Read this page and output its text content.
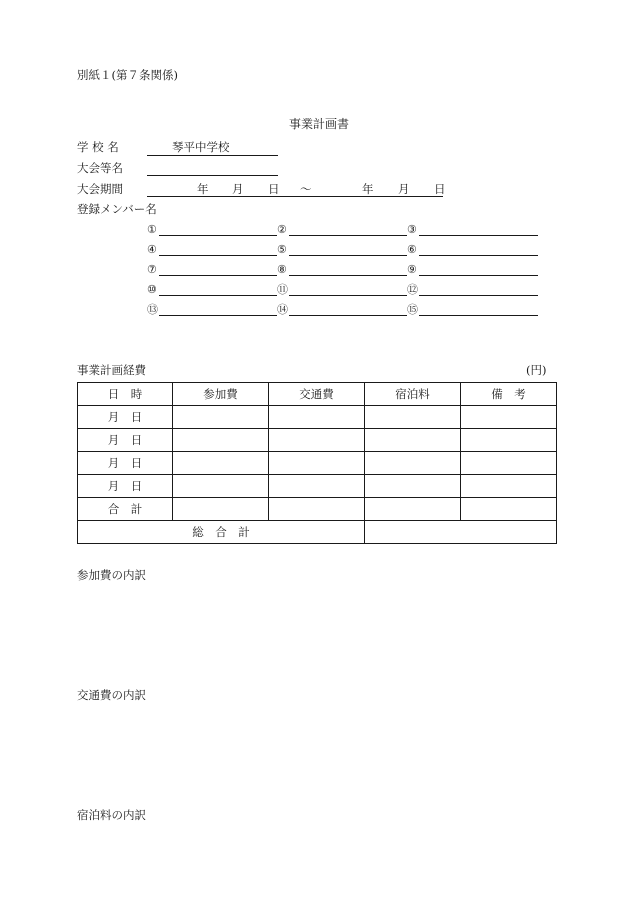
別紙１(第７条関係)
事業計画書
学 校 名	琴平中学校
大会等名
大会期間	年 月 日 ～	年 月 日
登録メンバー名
①	②	③
④	⑤	⑥
⑦	⑧	⑨
⑩	⑪	⑫
⑬	⑭	⑮
事業計画経費	(円)
日　時	参加費	交通費	宿泊料	備　考
月　日				
月　日				
月　日				
月　日				
合　計				
総　合　計				
参加費の内訳
交通費の内訳
宿泊料の内訳
